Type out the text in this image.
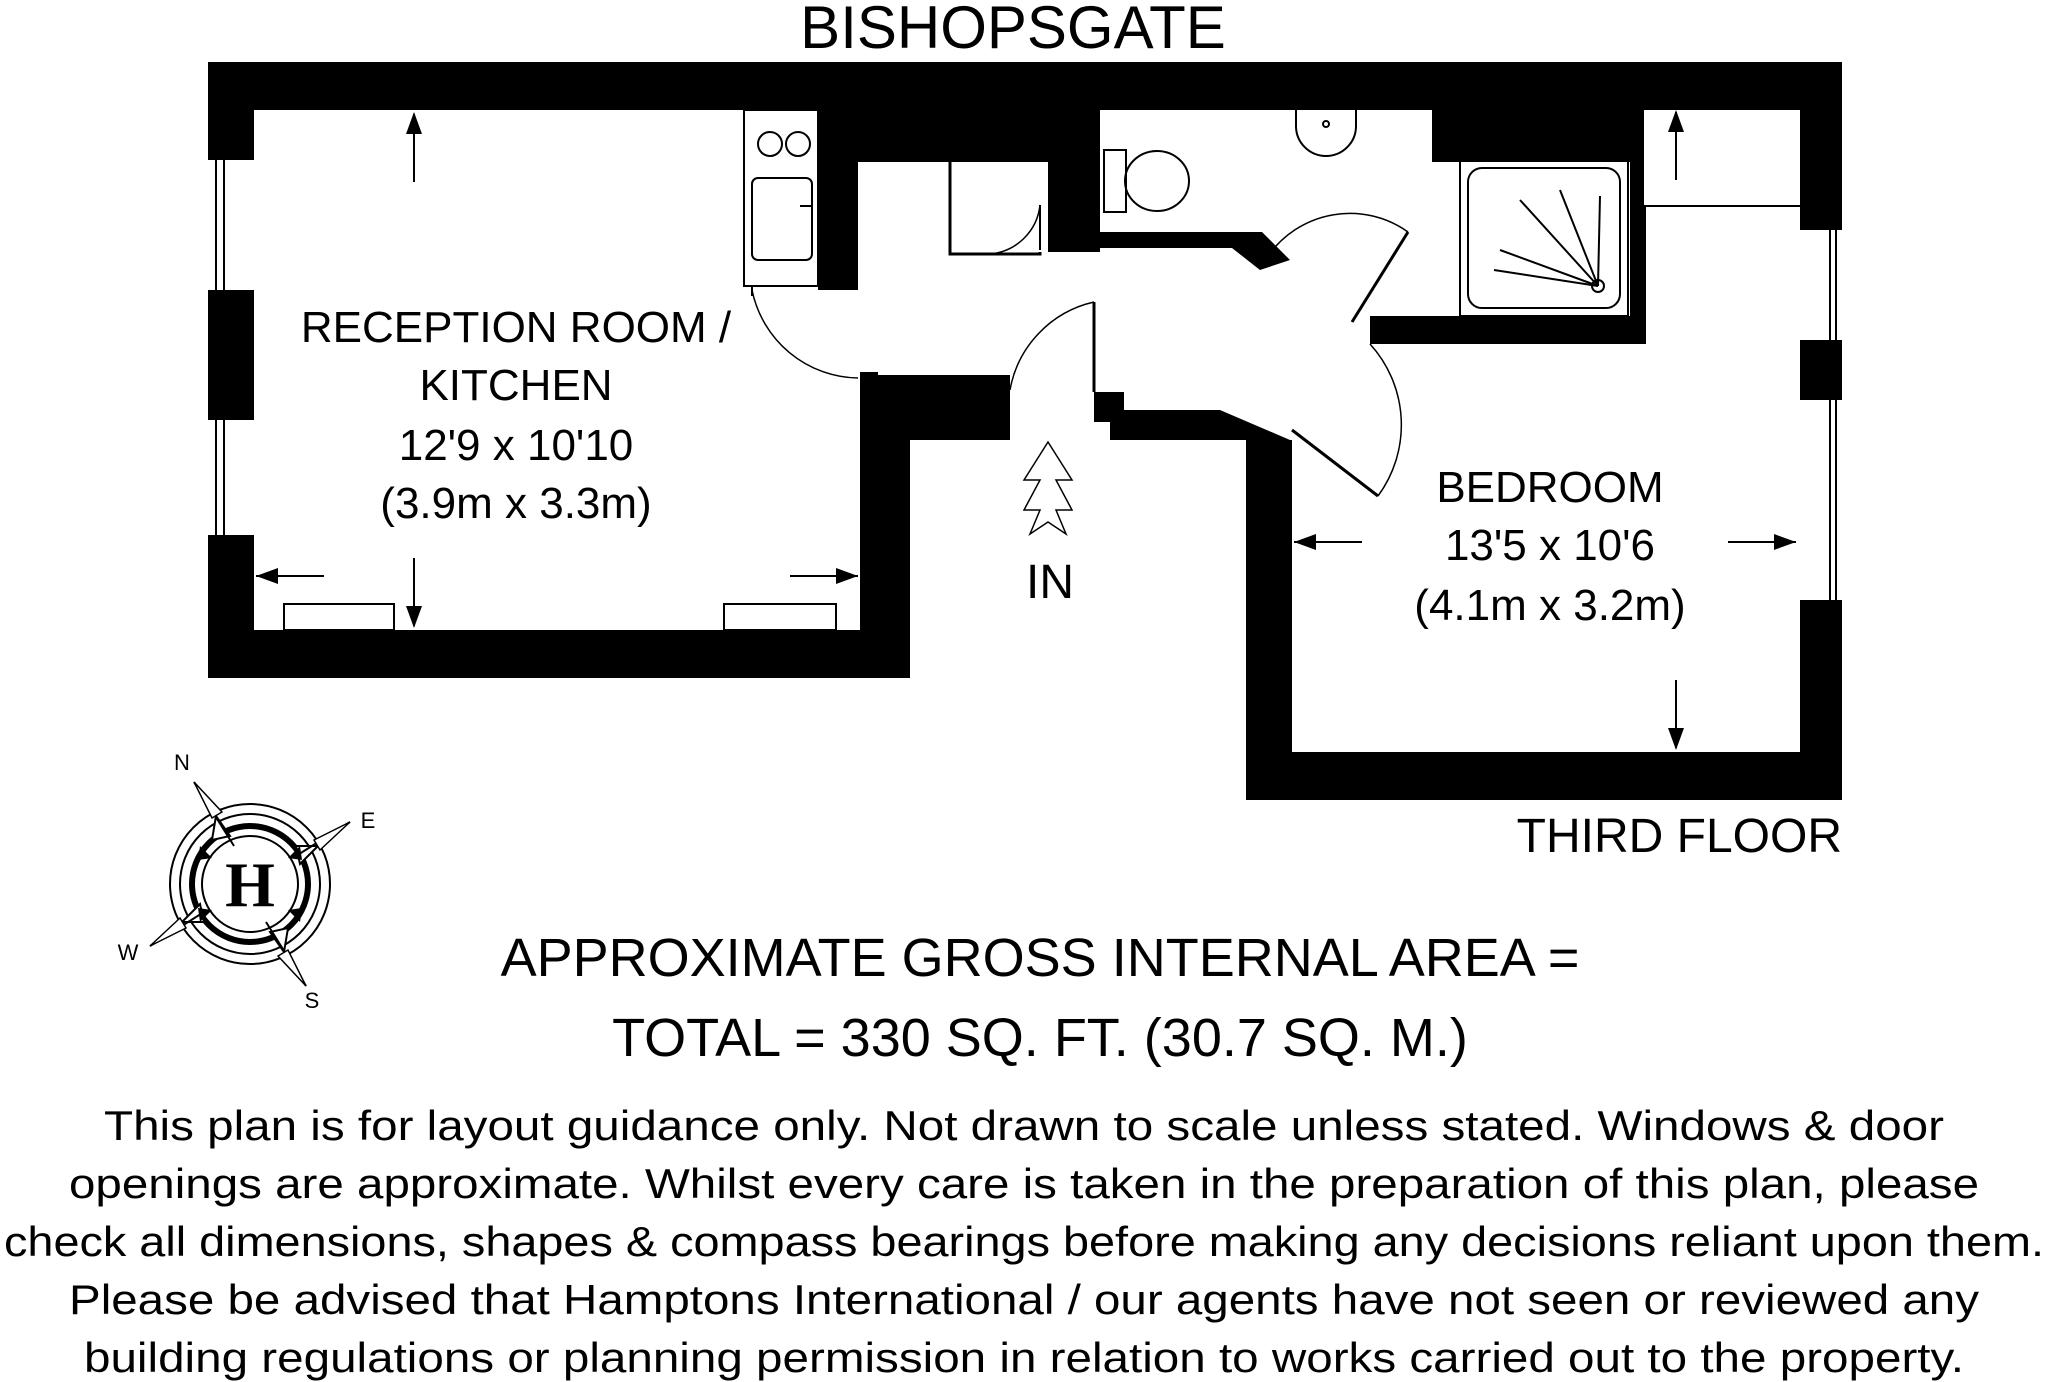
BISHOPSGATE
IN
RECEPTION ROOM /
KITCHEN
12'9 x 10'10
(3.9m x 3.3m)	BEDROOM
13'5 x 10'6
(4.1m x 3.2m)
THIRD FLOOR
H
N
E
S
W	APPROXIMATE GROSS INTERNAL AREA =
TOTAL = 330 SQ. FT. (30.7 SQ. M.)
This plan is for layout guidance only. Not drawn to scale unless stated. Windows & door
openings are approximate. Whilst every care is taken in the preparation of this plan, please
check all dimensions, shapes & compass bearings before making any decisions reliant upon them.
Please be advised that Hamptons International / our agents have not seen or reviewed any
building regulations or planning permission in relation to works carried out to the property.
